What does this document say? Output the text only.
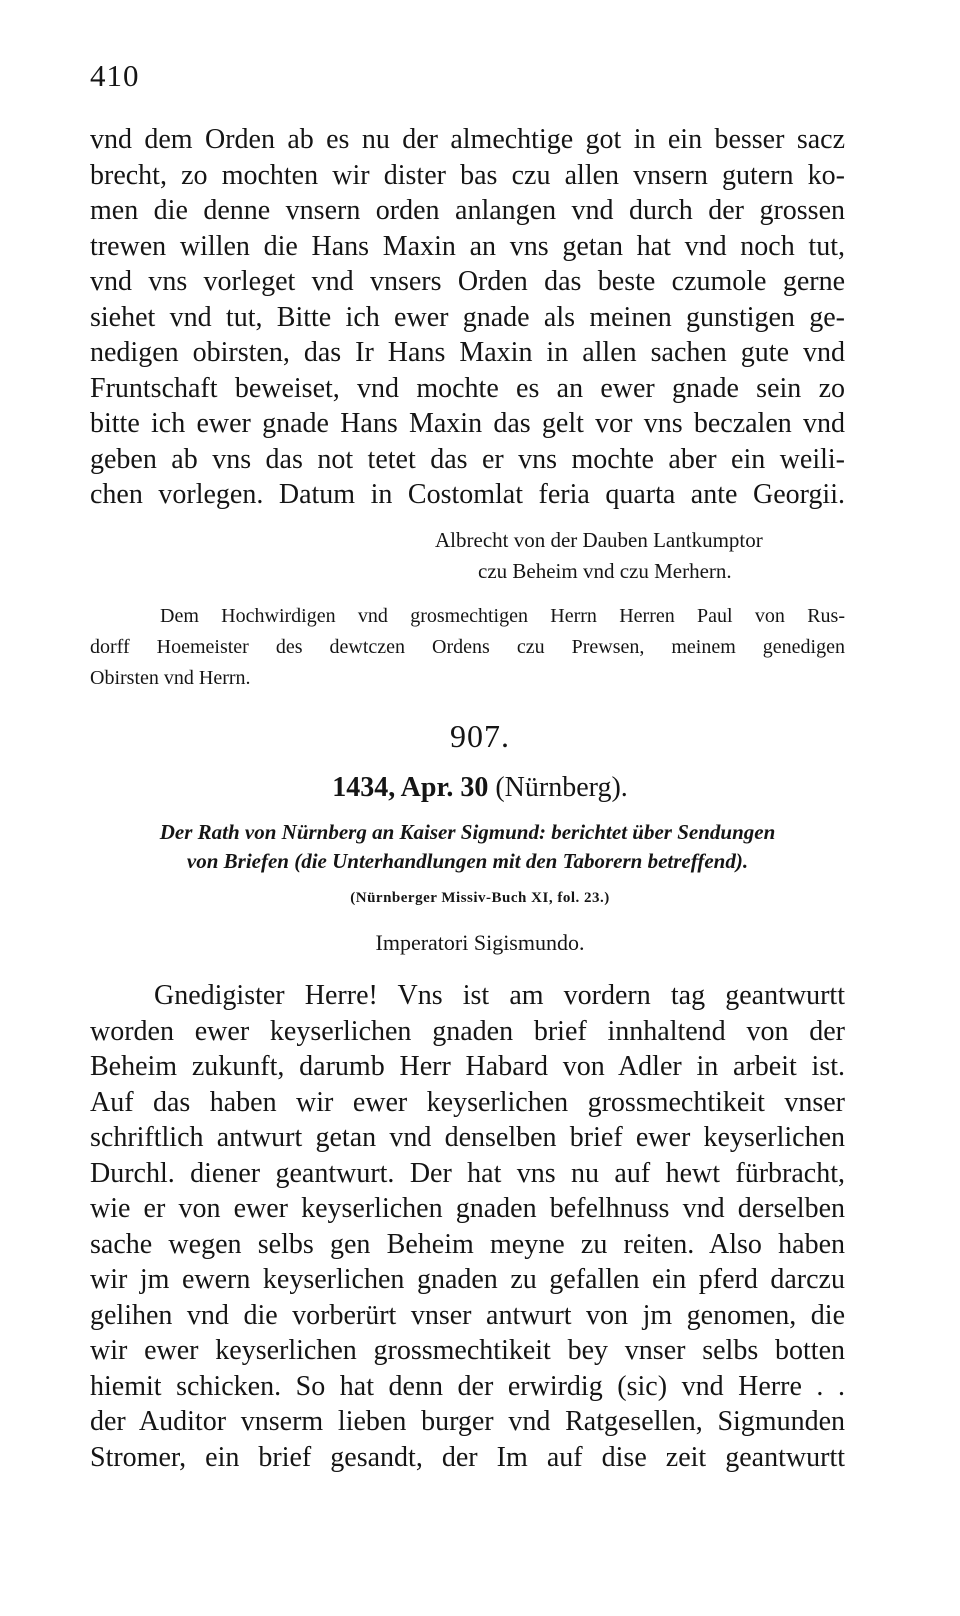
410
vnd dem Orden ab es nu der almechtige got in ein besser sacz
brecht, zo mochten wir dister bas czu allen vnsern gutern ko-
men die denne vnsern orden anlangen vnd durch der grossen
trewen willen die Hans Maxin an vns getan hat vnd noch tut,
vnd vns vorleget vnd vnsers Orden das beste czumole gerne
siehet vnd tut, Bitte ich ewer gnade als meinen gunstigen ge-
nedigen obirsten, das Ir Hans Maxin in allen sachen gute vnd
Fruntschaft beweiset, vnd mochte es an ewer gnade sein zo
bitte ich ewer gnade Hans Maxin das gelt vor vns beczalen vnd
geben ab vns das not tetet das er vns mochte aber ein weili-
chen vorlegen. Datum in Costomlat feria quarta ante Georgii.
Albrecht von der Dauben Lantkumptor
czu Beheim vnd czu Merhern.
Dem Hochwirdigen vnd grosmechtigen Herrn Herren Paul von Rus-
dorff Hoemeister des dewtczen Ordens czu Prewsen, meinem genedigen
Obirsten vnd Herrn.
907.
1434, Apr. 30 (Nürnberg).
Der Rath von Nürnberg an Kaiser Sigmund: berichtet über Sendungen
von Briefen (die Unterhandlungen mit den Taborern betreffend).
(Nürnberger Missiv-Buch XI, fol. 23.)
Imperatori Sigismundo.
Gnedigister Herre! Vns ist am vordern tag geantwurtt
worden ewer keyserlichen gnaden brief innhaltend von der
Beheim zukunft, darumb Herr Habard von Adler in arbeit ist.
Auf das haben wir ewer keyserlichen grossmechtikeit vnser
schriftlich antwurt getan vnd denselben brief ewer keyserlichen
Durchl. diener geantwurt. Der hat vns nu auf hewt fürbracht,
wie er von ewer keyserlichen gnaden befelhnuss vnd derselben
sache wegen selbs gen Beheim meyne zu reiten. Also haben
wir jm ewern keyserlichen gnaden zu gefallen ein pferd darczu
gelihen vnd die vorberürt vnser antwurt von jm genomen, die
wir ewer keyserlichen grossmechtikeit bey vnser selbs botten
hiemit schicken. So hat denn der erwirdig (sic) vnd Herre . .
der Auditor vnserm lieben burger vnd Ratgesellen, Sigmunden
Stromer, ein brief gesandt, der Im auf dise zeit geantwurtt
